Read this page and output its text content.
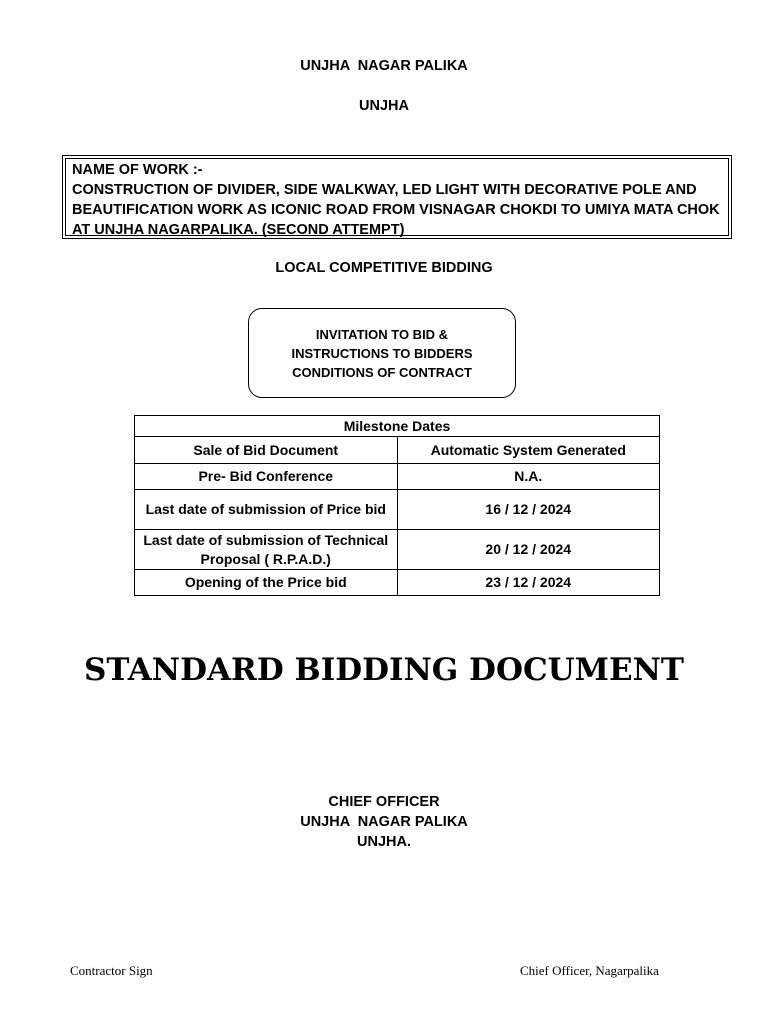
UNJHA  NAGAR PALIKA
UNJHA
NAME OF WORK :-
CONSTRUCTION OF DIVIDER, SIDE WALKWAY, LED LIGHT WITH DECORATIVE POLE AND BEAUTIFICATION WORK AS ICONIC ROAD FROM VISNAGAR CHOKDI TO UMIYA MATA CHOK AT UNJHA NAGARPALIKA. (SECOND ATTEMPT)
LOCAL COMPETITIVE BIDDING
INVITATION TO BID &
INSTRUCTIONS TO BIDDERS
CONDITIONS OF CONTRACT
Milestone Dates	
Sale of Bid Document	Automatic System Generated
Pre- Bid Conference	N.A.
Last date of submission of Price bid	16 / 12 / 2024
Last date of submission of Technical Proposal ( R.P.A.D.)	20 / 12 / 2024
Opening of the Price bid	23 / 12 / 2024
STANDARD BIDDING DOCUMENT
CHIEF OFFICER
UNJHA  NAGAR PALIKA
UNJHA.
Contractor Sign	Chief Officer, Nagarpalika
